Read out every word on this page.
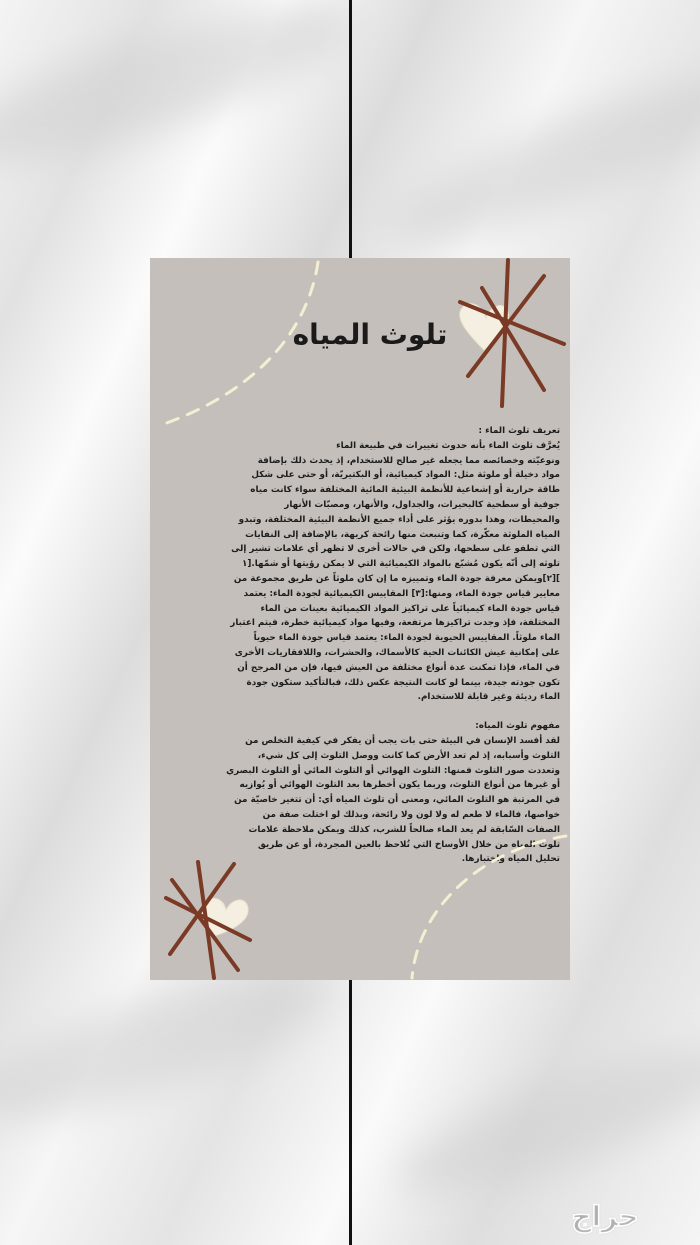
تلوث المياه

تعريف تلوث الماء :

يُعرَّف تلوث الماء بأنه حدوث تغييرات في طبيعة الماء
ونوعيّته وخصائصه مما يجعله غير صالح للاستخدام، إذ يحدث ذلك بإضافة
مواد دخيلة أو ملوثة مثل: المواد كيميائية، أو البكتيريّة، أو حتى على شكل
طاقة حرارية أو إشعاعية للأنظمة البيئية المائية المختلفة سواء كانت مياه
جوفية أو سطحية كالبحيرات، والجداول، والأنهار، ومصبّات الأنهار
والمحيطات، وهذا بدوره يؤثر على أداء جميع الأنظمة البيئية المختلفة، وتبدو
المياه الملوثة معكّرة، كما وتنبعث منها رائحة كريهة، بالإضافة إلى النفايات
التي تطفو على سطحها، ولكن في حالات أخرى لا تظهر أي علامات تشير إلى
تلوثه إلى أنّه يكون مُشبّع بالمواد الكيميائية التي لا يمكن رؤيتها أو شمّها.[١
][٢]ويمكن معرفة جودة الماء وتمييزه ما إن كان ملوثاً عن طريق مجموعة من
معايير قياس جودة الماء، ومنها:[٣] المقاييس الكيميائية لجودة الماء: يعتمد
قياس جودة الماء كيميائياً على تراكيز المواد الكيميائية بعينات من الماء
المختلفة، فإذ وجدت تراكيزها مرتفعة، وفيها مواد كيميائية خطرة، فيتم اعتبار
الماء ملوثاً. المقاييس الحيوية لجودة الماء: يعتمد قياس جودة الماء حيوياً
على إمكانية عيش الكائنات الحية كالأسماك، والحشرات، واللافقاريات الأخرى
في الماء، فإذا تمكنت عدة أنواع مختلفة من العيش فيها، فإن من المرجح أن
تكون جودته جيدة، بينما لو كانت النتيجة عكس ذلك، فبالتأكيد ستكون جودة
الماء رديئة وغير قابلة للاستخدام.

مفهوم تلوث المياه:

لقد أفسد الإنسان في البيئة حتى بات يجب أن يفكر في كيفية التخلص من
التلوث وأسبابه، إذ لم تعد الأرض كما كانت ووصل التلوث إلى كل شيء،
وتعددت صور التلوث فمنها: التلوث الهوائي أو التلوث المائي أو التلوث البصري
أو غيرها من أنواع التلوث، وربما يكون أخطرها بعد التلوث الهوائي أو يُوازيه
في المرتبة هو التلوث المائي، ومعنى أن تلوث المياه أي: أن تتغير خاصيّة من
خواصها، فالماء لا طعم له ولا لون ولا رائحة، وبذلك لو اختلت صفة من
الصفات السّابقة لم يعد الماء صالحاً للشرب، كذلك ويمكن ملاحظة علامات
تلوث المياه من خلال الأوساخ التي تُلاحظ بالعين المجردة، أو عن طريق
تحليل المياه واختبارها.

حراج
